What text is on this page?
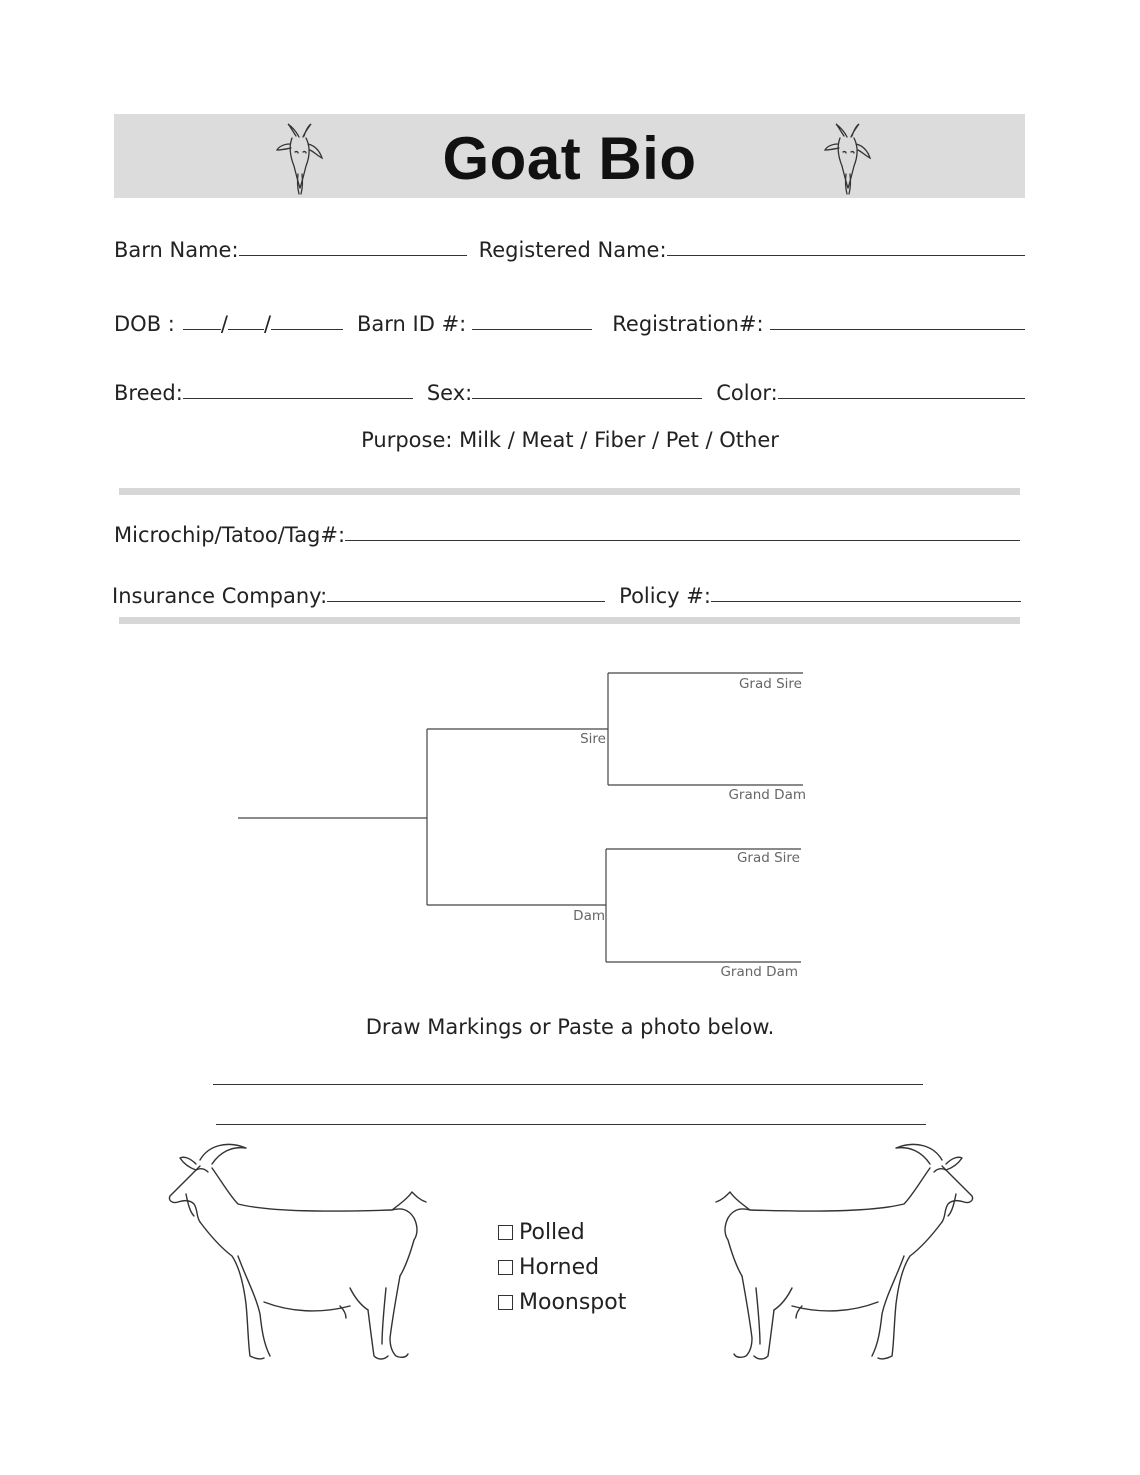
Goat Bio
Barn Name:	Registered Name:
DOB : / /	Barn ID #:	Registration#:
Breed:	Sex:	Color:
Purpose: Milk / Meat / Fiber / Pet / Other
Microchip/Tatoo/Tag#:
Insurance Company:	Policy #:
Sire
Dam
Grad Sire
Grand Dam
Grad Sire
Grand Dam
Draw Markings or Paste a photo below.
Polled
Horned
Moonspot
